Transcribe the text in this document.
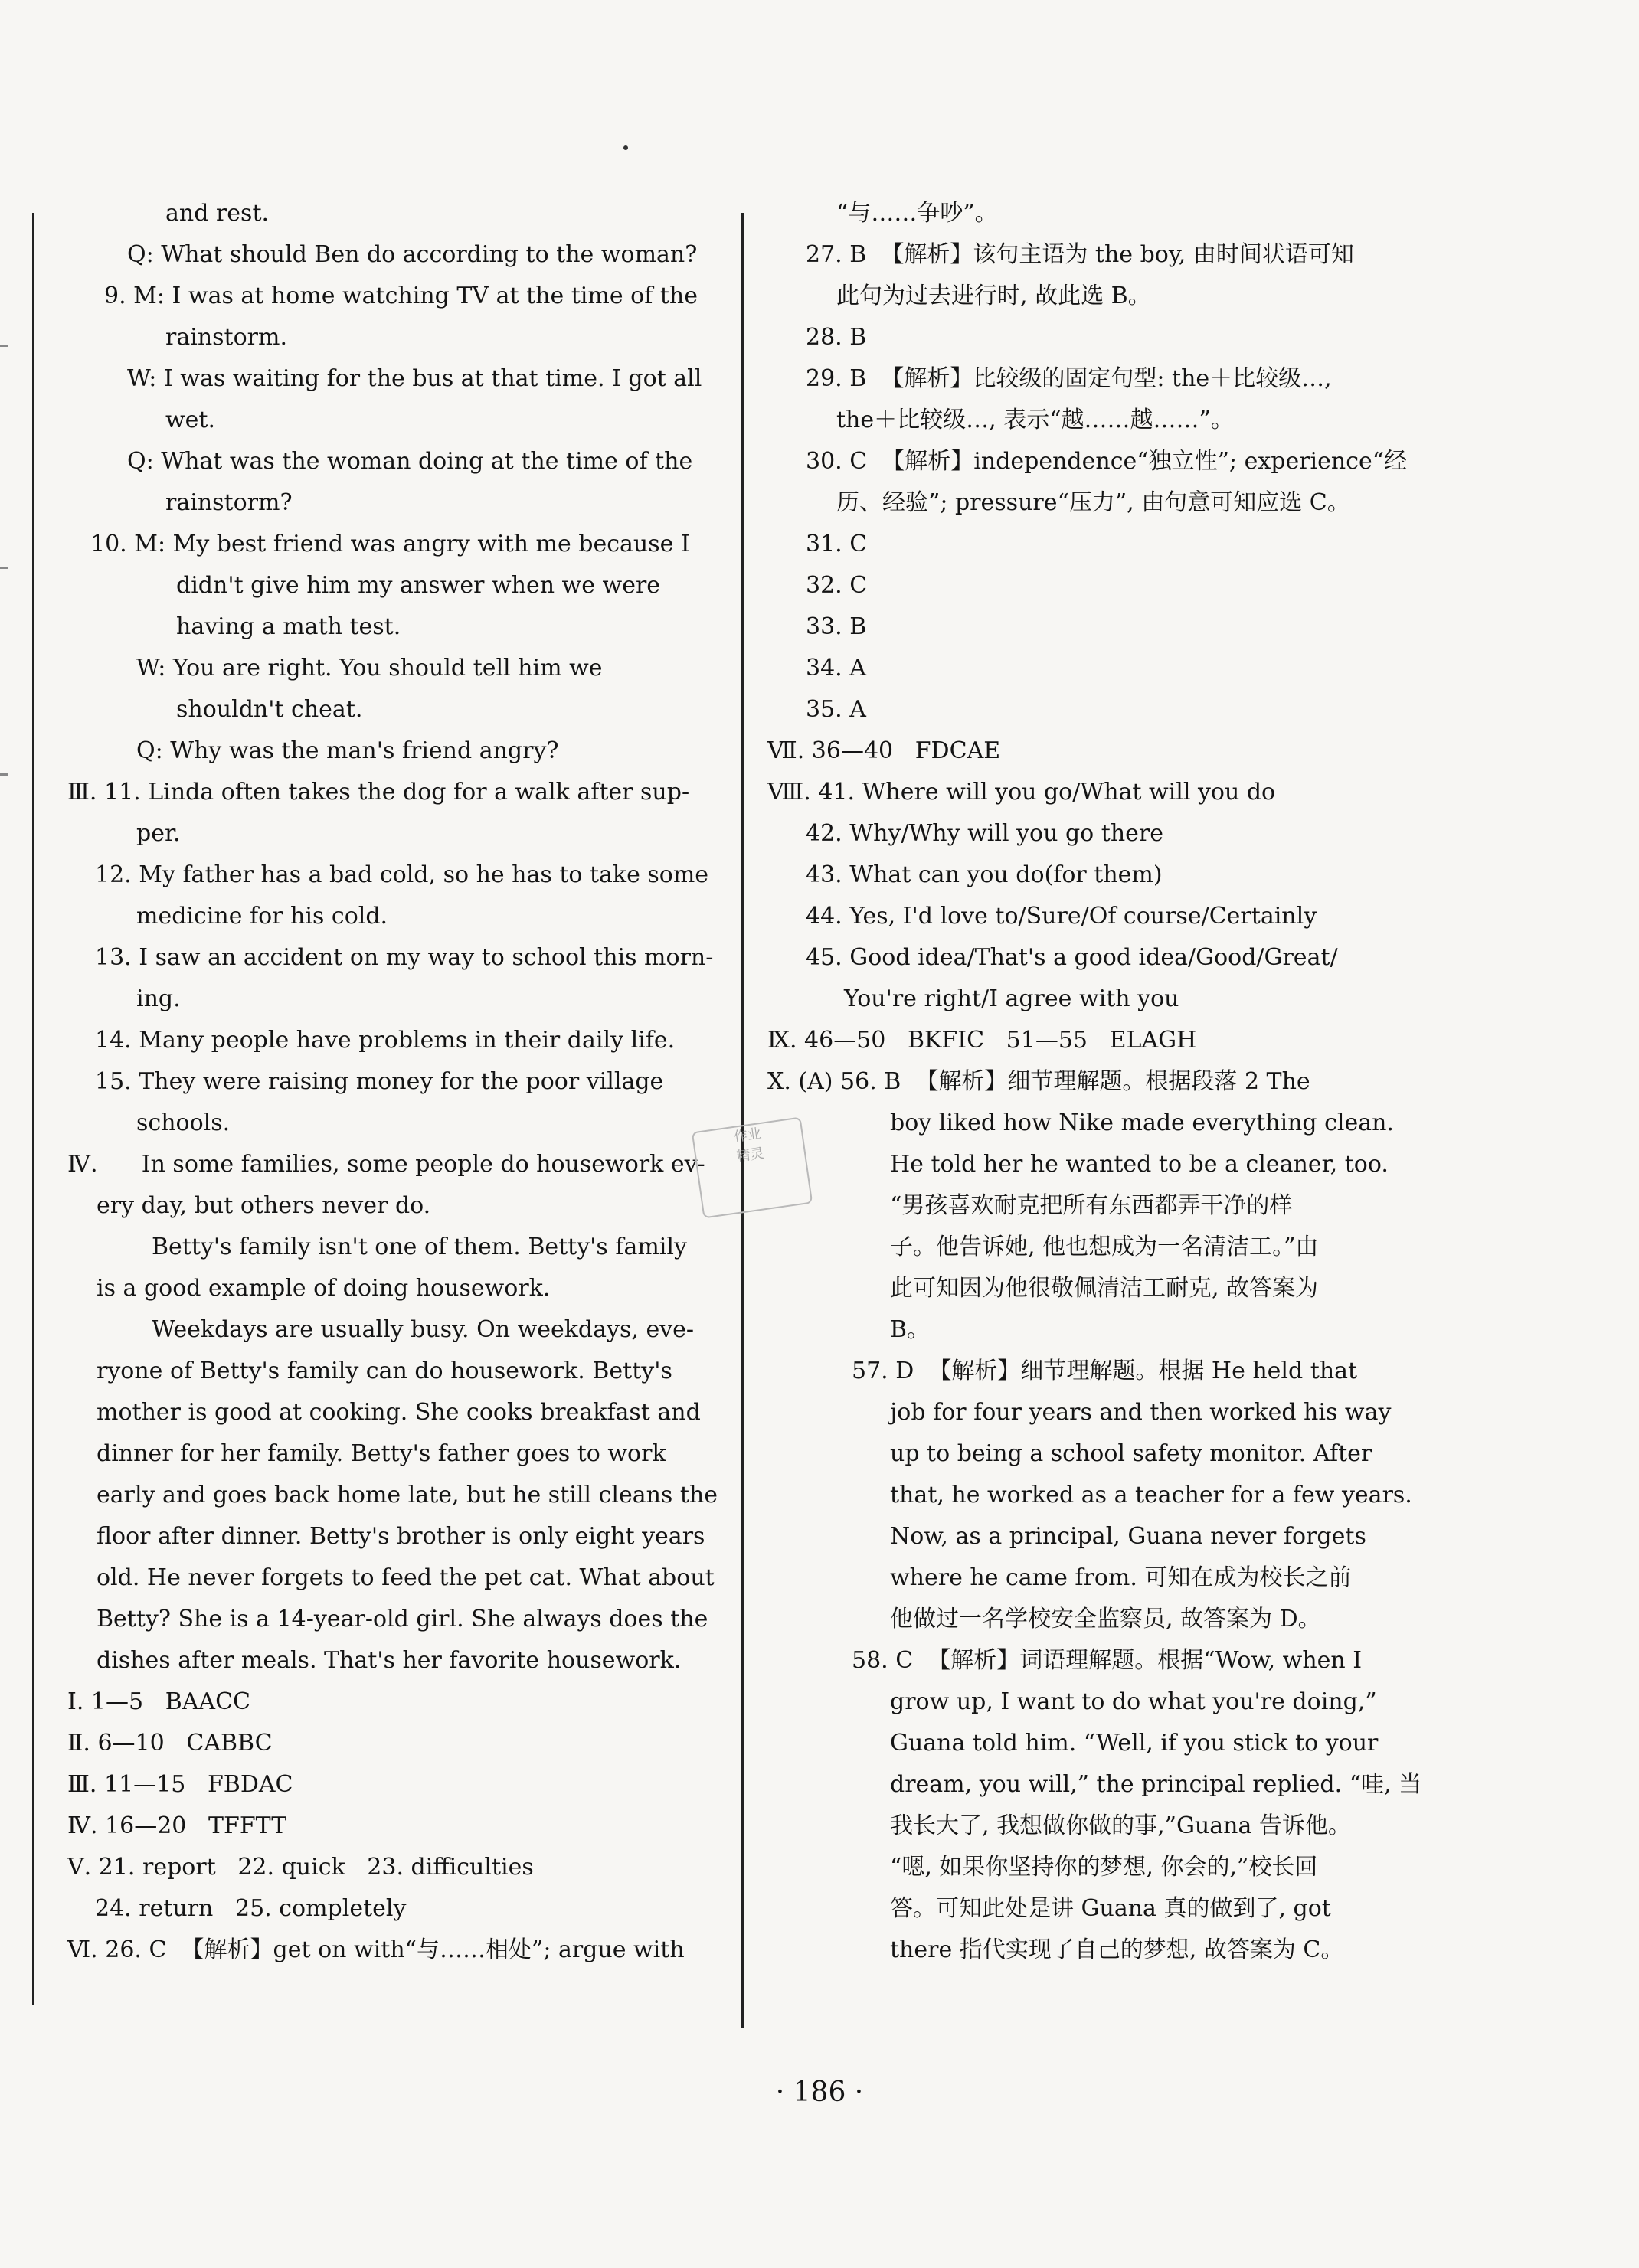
and rest.
Q: What should Ben do according to the woman?
9. M: I was at home watching TV at the time of the
rainstorm.
W: I was waiting for the bus at that time. I got all
wet.
Q: What was the woman doing at the time of the
rainstorm?
10. M: My best friend was angry with me because I
didn't give him my answer when we were
having a math test.
W: You are right. You should tell him we
shouldn't cheat.
Q: Why was the man's friend angry?
Ⅲ. 11. Linda often takes the dog for a walk after sup-
per.
12. My father has a bad cold, so he has to take some
medicine for his cold.
13. I saw an accident on my way to school this morn-
ing.
14. Many people have problems in their daily life.
15. They were raising money for the poor village
schools.
Ⅳ.      In some families, some people do housework ev-
ery day, but others never do.
Betty's family isn't one of them. Betty's family
is a good example of doing housework.
Weekdays are usually busy. On weekdays, eve-
ryone of Betty's family can do housework. Betty's
mother is good at cooking. She cooks breakfast and
dinner for her family. Betty's father goes to work
early and goes back home late, but he still cleans the
floor after dinner. Betty's brother is only eight years
old. He never forgets to feed the pet cat. What about
Betty? She is a 14-year-old girl. She always does the
dishes after meals. That's her favorite housework.
Ⅰ. 1—5   BAACC
Ⅱ. 6—10   CABBC
Ⅲ. 11—15   FBDAC
Ⅳ. 16—20   TFFTT
Ⅴ. 21. report   22. quick   23. difficulties
24. return   25. completely
Ⅵ. 26. C  【解析】get on with“与……相处”; argue with
“与……争吵”。
27. B  【解析】该句主语为 the boy, 由时间状语可知
此句为过去进行时, 故此选 B。
28. B
29. B  【解析】比较级的固定句型: the＋比较级…,
the＋比较级…, 表示“越……越……”。
30. C  【解析】independence“独立性”; experience“经
历、经验”; pressure“压力”, 由句意可知应选 C。
31. C
32. C
33. B
34. A
35. A
Ⅶ. 36—40   FDCAE
Ⅷ. 41. Where will you go/What will you do
42. Why/Why will you go there
43. What can you do(for them)
44. Yes, I'd love to/Sure/Of course/Certainly
45. Good idea/That's a good idea/Good/Great/
You're right/I agree with you
Ⅸ. 46—50   BKFIC   51—55   ELAGH
Ⅹ. (A) 56. B  【解析】细节理解题。根据段落 2 The
boy liked how Nike made everything clean.
He told her he wanted to be a cleaner, too.
“男孩喜欢耐克把所有东西都弄干净的样
子。他告诉她, 他也想成为一名清洁工。”由
此可知因为他很敬佩清洁工耐克, 故答案为
B。
57. D  【解析】细节理解题。根据 He held that
job for four years and then worked his way
up to being a school safety monitor. After
that, he worked as a teacher for a few years.
Now, as a principal, Guana never forgets
where he came from. 可知在成为校长之前
他做过一名学校安全监察员, 故答案为 D。
58. C  【解析】词语理解题。根据“Wow, when I
grow up, I want to do what you're doing,”
Guana told him. “Well, if you stick to your
dream, you will,” the principal replied. “哇, 当
我长大了, 我想做你做的事,”Guana 告诉他。
“嗯, 如果你坚持你的梦想, 你会的,”校长回
答。可知此处是讲 Guana 真的做到了, got
there 指代实现了自己的梦想, 故答案为 C。
作业
精灵
· 186 ·
